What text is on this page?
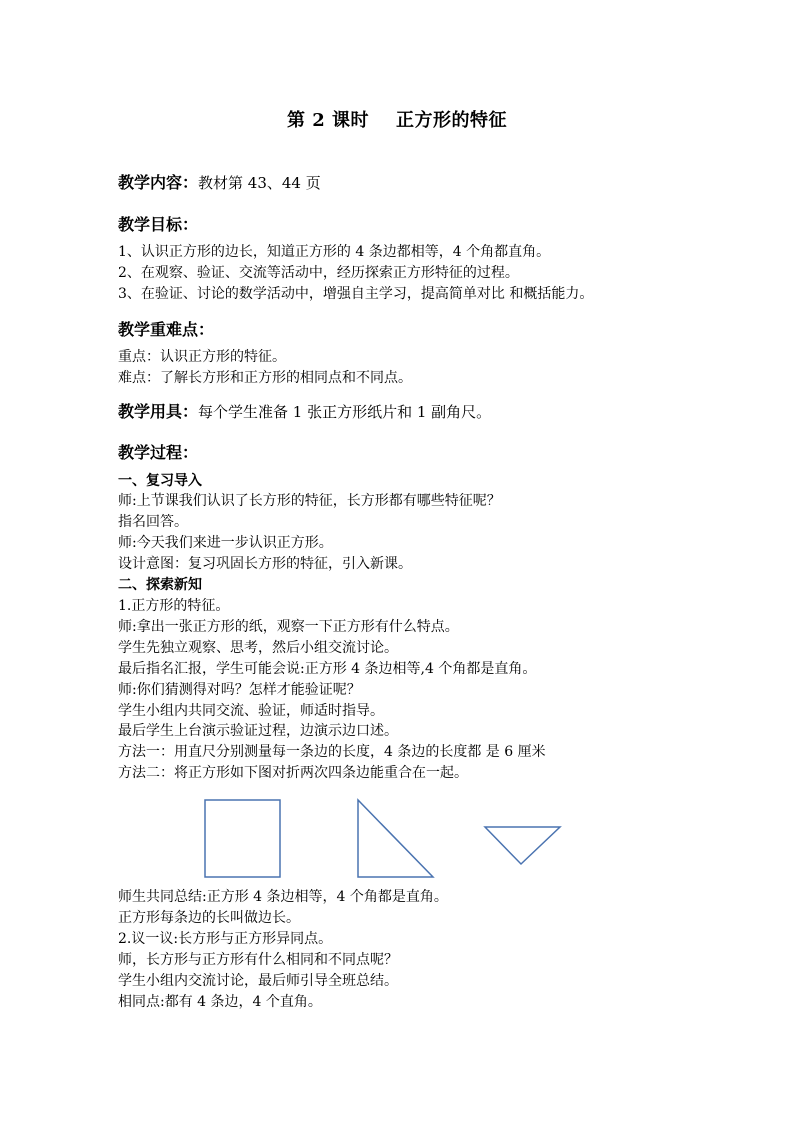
第 2 课时    正方形的特征
教学内容：教材第 43、44 页
教学目标：
1、认识正方形的边长，知道正方形的 4 条边都相等，4 个角都直角。
2、在观察、验证、交流等活动中，经历探索正方形特征的过程。
3、在验证、讨论的数学活动中，增强自主学习，提高简单对比 和概括能力。
教学重难点：
重点：认识正方形的特征。
难点：了解长方形和正方形的相同点和不同点。
教学用具：每个学生准备 1 张正方形纸片和 1 副角尺。
教学过程：
一、复习导入
师:上节课我们认识了长方形的特征，长方形都有哪些特征呢？
指名回答。
师:今天我们来进一步认识正方形。
设计意图：复习巩固长方形的特征，引入新课。
二、探索新知
1.正方形的特征。
师:拿出一张正方形的纸，观察一下正方形有什么特点。
学生先独立观察、思考，然后小组交流讨论。
最后指名汇报，学生可能会说:正方形 4 条边相等,4 个角都是直角。
师:你们猜测得对吗？怎样才能验证呢？
学生小组内共同交流、验证，师适时指导。
最后学生上台演示验证过程，边演示边口述。
方法一：用直尺分别测量每一条边的长度，4 条边的长度都 是 6 厘米
方法二：将正方形如下图对折两次四条边能重合在一起。
师生共同总结:正方形 4 条边相等，4 个角都是直角。
正方形每条边的长叫做边长。
2.议一议:长方形与正方形异同点。
师，长方形与正方形有什么相同和不同点呢？
学生小组内交流讨论，最后师引导全班总结。
相同点:都有 4 条边，4 个直角。
